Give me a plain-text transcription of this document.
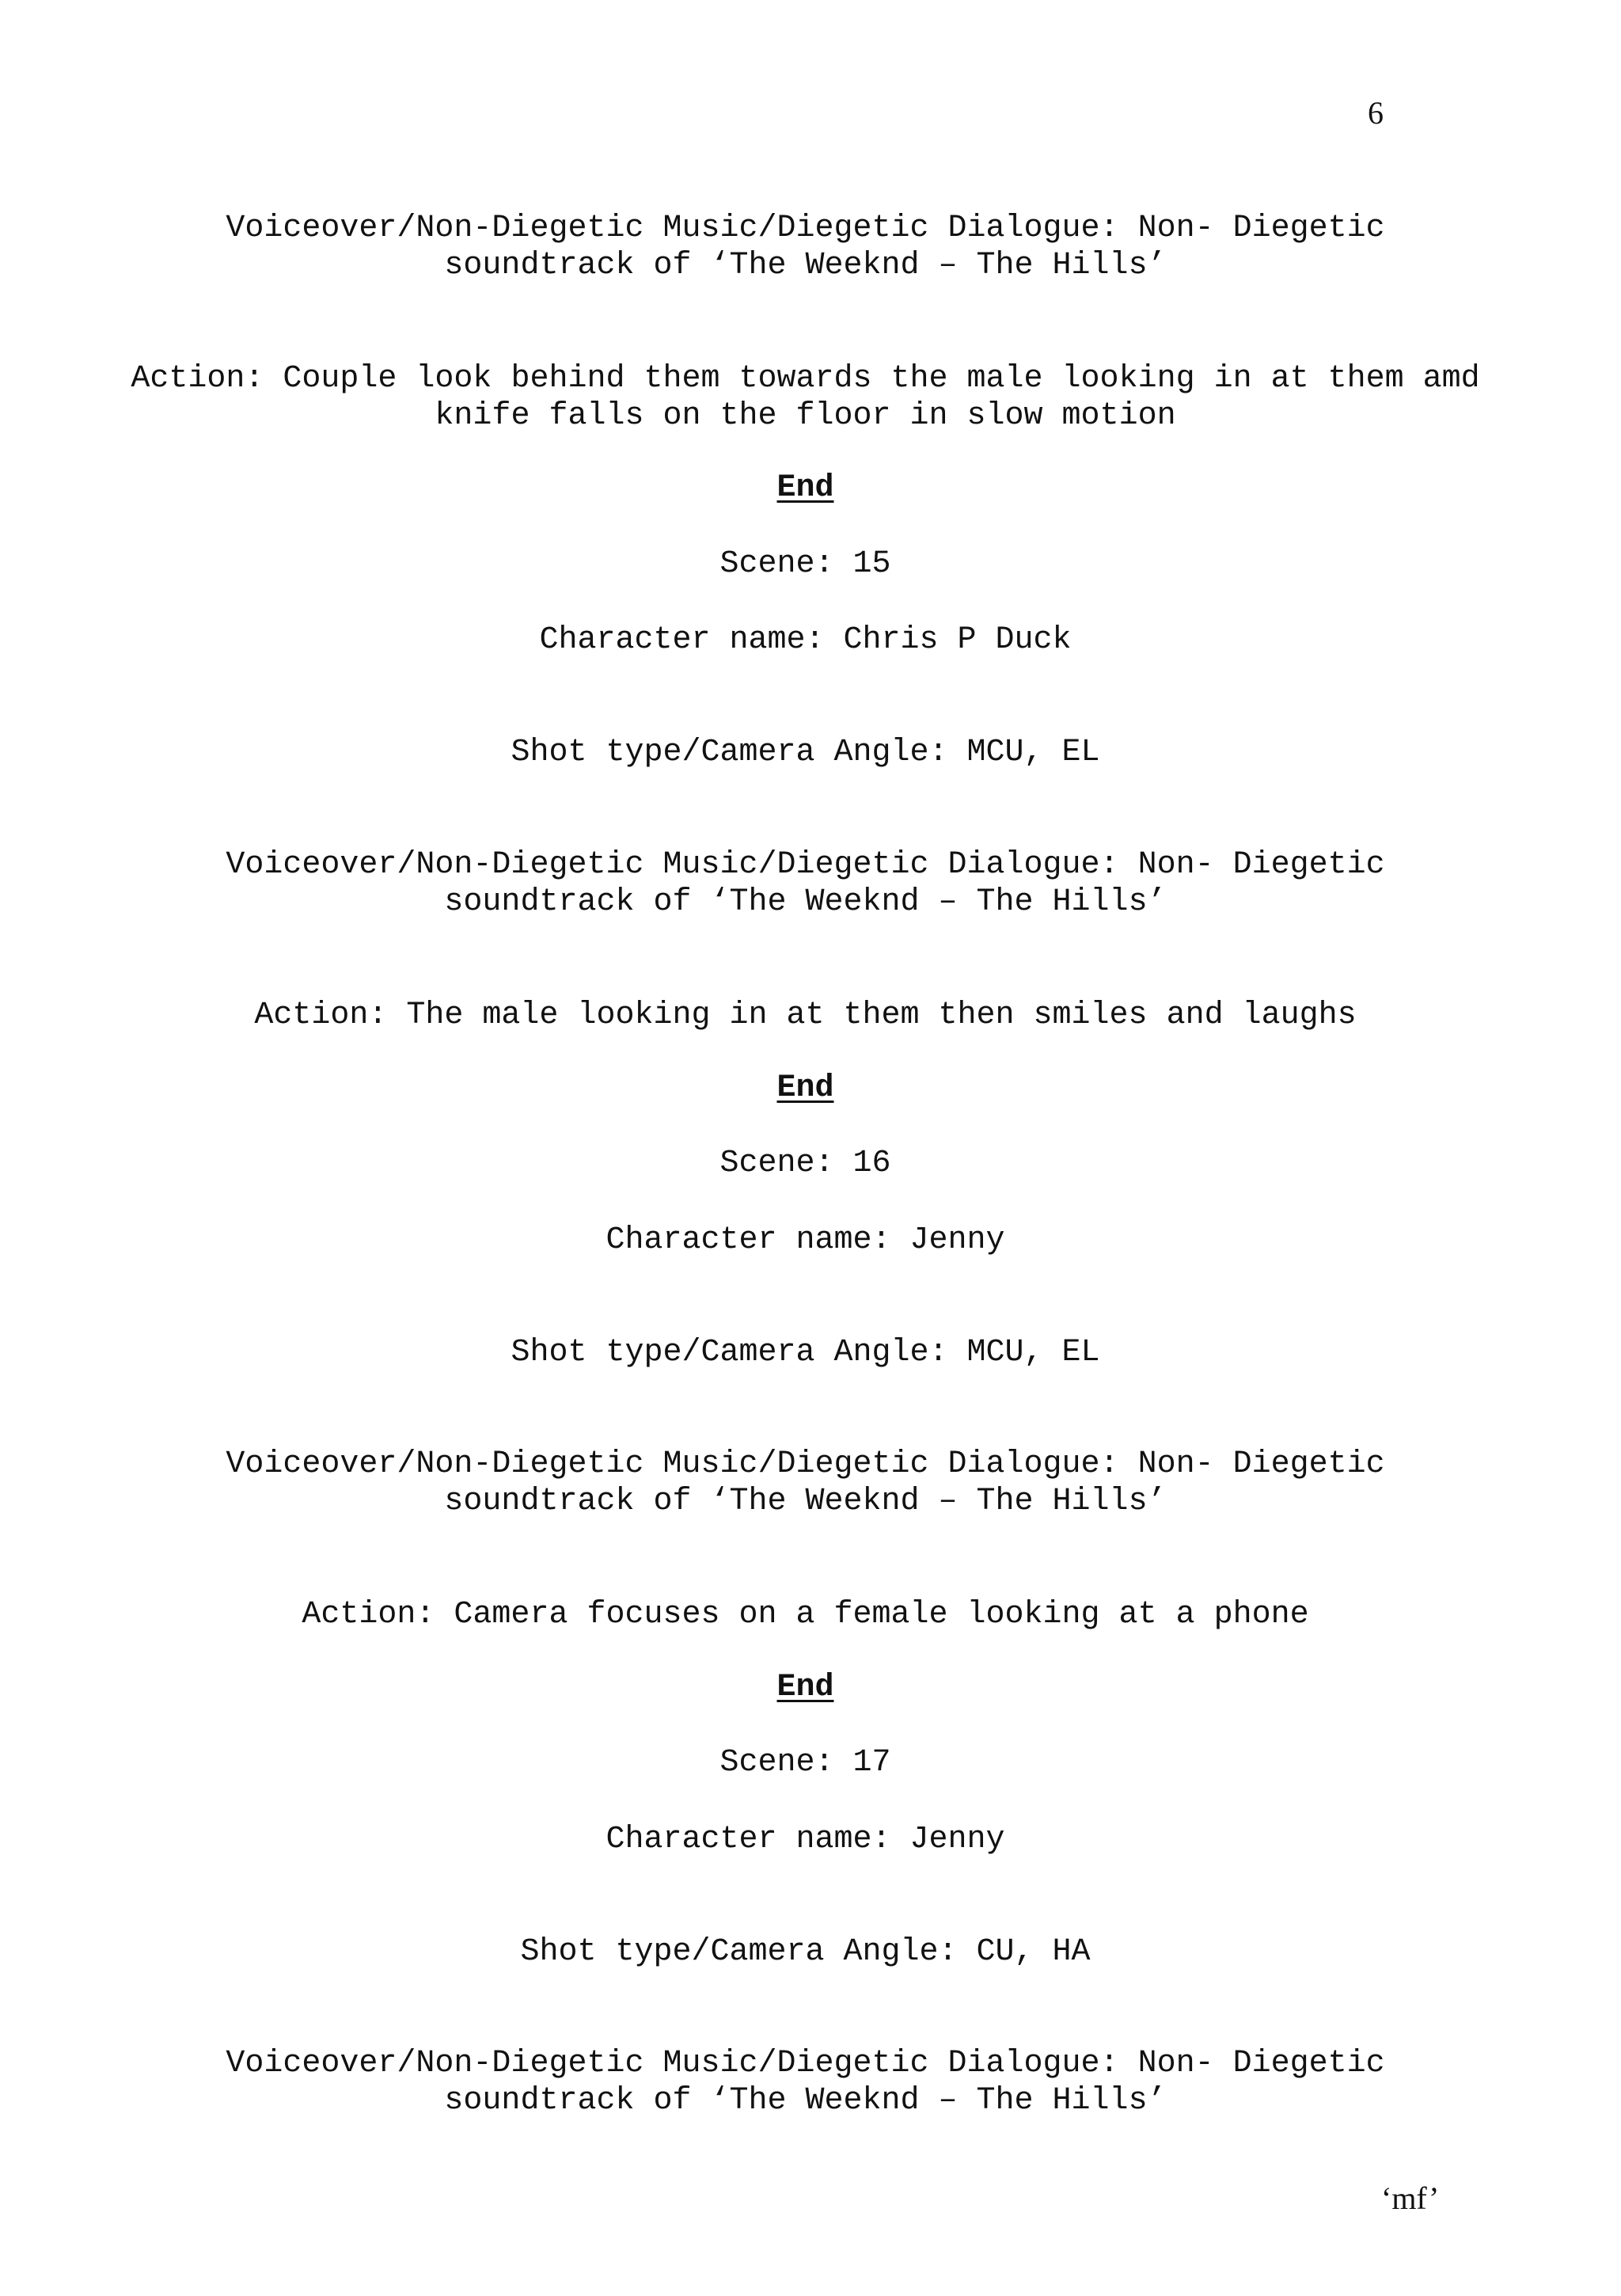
6
Voiceover/Non-Diegetic Music/Diegetic Dialogue: Non- Diegetic
soundtrack of ‘The Weeknd – The Hills’
Action: Couple look behind them towards the male looking in at them amd
knife falls on the floor in slow motion
End
Scene: 15
Character name: Chris P Duck
Shot type/Camera Angle: MCU, EL
Voiceover/Non-Diegetic Music/Diegetic Dialogue: Non- Diegetic
soundtrack of ‘The Weeknd – The Hills’
Action: The male looking in at them then smiles and laughs
End
Scene: 16
Character name: Jenny
Shot type/Camera Angle: MCU, EL
Voiceover/Non-Diegetic Music/Diegetic Dialogue: Non- Diegetic
soundtrack of ‘The Weeknd – The Hills’
Action: Camera focuses on a female looking at a phone
End
Scene: 17
Character name: Jenny
Shot type/Camera Angle: CU, HA
Voiceover/Non-Diegetic Music/Diegetic Dialogue: Non- Diegetic
soundtrack of ‘The Weeknd – The Hills’
‘mf’
